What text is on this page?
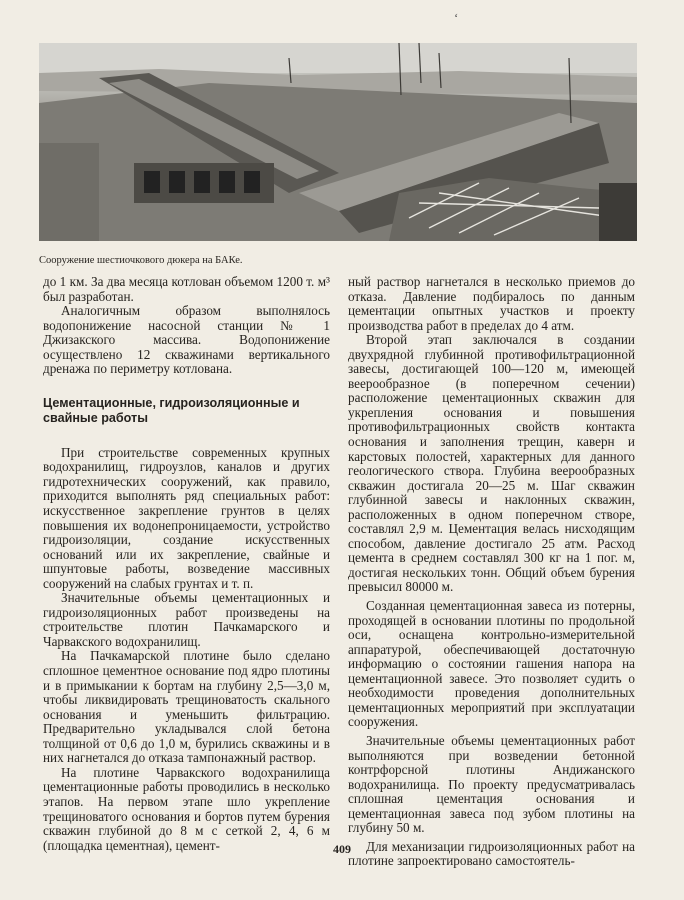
‘
Сооружение шестиочкового дюкера на БАКе.

до 1 км. За два месяца котлован объемом 1200 т. м³ был разработан.

Аналогичным образом выполнялось водопонижение насосной станции № 1 Джизакского массива. Водопонижение осуществлено 12 скважинами вертикального дренажа по периметру котлована.

Цементационные, гидроизоляционные и свайные работы

При строительстве современных крупных водохранилищ, гидроузлов, каналов и других гидротехнических сооружений, как правило, приходится выполнять ряд специальных работ: искусственное закрепление грунтов в целях повышения их водонепроницаемости, устройство гидроизоляции, создание искусственных оснований или их закрепление, свайные и шпунтовые работы, возведение массивных сооружений на слабых грунтах и т. п.

Значительные объемы цементационных и гидроизоляционных работ произведены на строительстве плотин Пачкамарского и Чарвакского водохранилищ.

На Пачкамарской плотине было сделано сплошное цементное основание под ядро плотины и в примыкании к бортам на глубину 2,5—3,0 м, чтобы ликвидировать трещиноватость скального основания и уменьшить фильтрацию. Предварительно укладывался слой бетона толщиной от 0,6 до 1,0 м, бурились скважины и в них нагнетался до отказа тампонажный раствор.

На плотине Чарвакского водохранилища цементационные работы проводились в несколько этапов. На первом этапе шло укрепление трещиноватого основания и бортов путем бурения скважин глубиной до 8 м с сеткой 2, 4, 6 м (площадка цементная), цемент-

ный раствор нагнетался в несколько приемов до отказа. Давление подбиралось по данным цементации опытных участков и проекту производства работ в пределах до 4 атм.

Второй этап заключался в создании двухрядной глубинной противофильтрационной завесы, достигающей 100—120 м, имеющей веерообразное (в поперечном сечении) расположение цементационных скважин для укрепления основания и повышения противофильтрационных свойств контакта основания и заполнения трещин, каверн и карстовых полостей, характерных для данного геологического створа. Глубина веерообразных скважин достигала 20—25 м. Шаг скважин глубинной завесы и наклонных скважин, расположенных в одном поперечном створе, составлял 2,9 м. Цементация велась нисходящим способом, давление достигало 25 атм. Расход цемента в среднем составлял 300 кг на 1 пог. м, достигая нескольких тонн. Общий объем бурения превысил 80000 м.

Созданная цементационная завеса из потерны, проходящей в основании плотины по продольной оси, оснащена контрольно-измерительной аппаратурой, обеспечивающей достаточную информацию о состоянии гашения напора на цементационной завесе. Это позволяет судить о необходимости проведения дополнительных цементационных мероприятий при эксплуатации сооружения.

Значительные объемы цементационных работ выполняются при возведении бетонной контрфорсной плотины Андижанского водохранилища. По проекту предусматривалась сплошная цементация основания и цементационная завеса под зубом плотины на глубину 50 м.

Для механизации гидроизоляционных работ на плотине запроектировано самостоятель-

409
